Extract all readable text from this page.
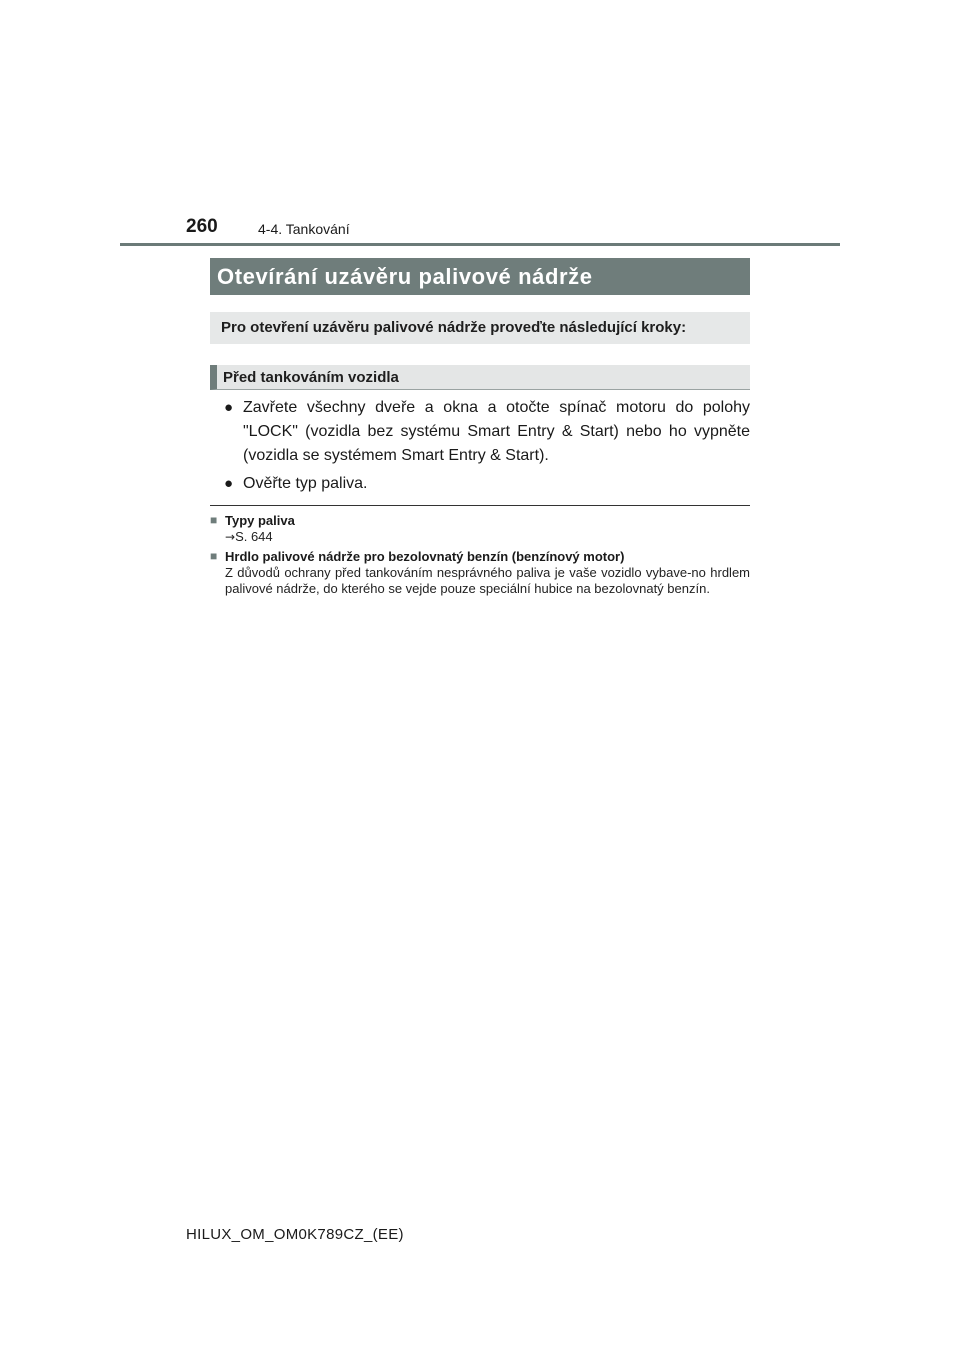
260	4-4. Tankování
Otevírání uzávěru palivové nádrže
Pro otevření uzávěru palivové nádrže proveďte následující kroky:
Před tankováním vozidla
● Zavřete všechny dveře a okna a otočte spínač motoru do polohy "LOCK" (vozidla bez systému Smart Entry & Start) nebo ho vypněte (vozidla se systémem Smart Entry & Start).
● Ověřte typ paliva.
■ Typy paliva
→S. 644
■ Hrdlo palivové nádrže pro bezolovnatý benzín (benzínový motor)
Z důvodů ochrany před tankováním nesprávného paliva je vaše vozidlo vybave-no hrdlem palivové nádrže, do kterého se vejde pouze speciální hubice na bezolovnatý benzín.
HILUX_OM_OM0K789CZ_(EE)
